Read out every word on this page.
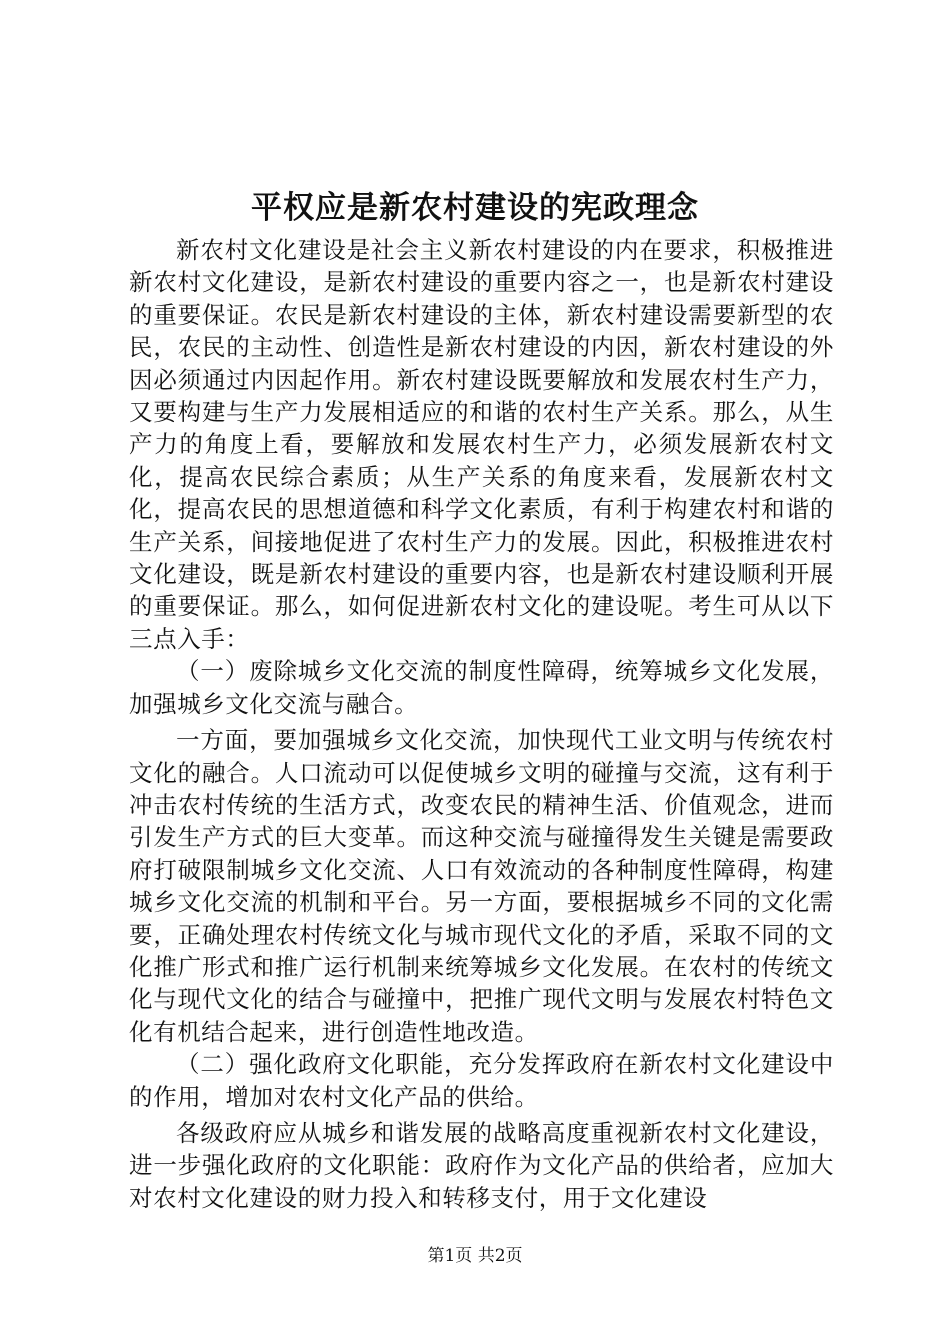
平权应是新农村建设的宪政理念

新农村文化建设是社会主义新农村建设的内在要求，积极推进新农村文化建设，是新农村建设的重要内容之一，也是新农村建设的重要保证。农民是新农村建设的主体，新农村建设需要新型的农民，农民的主动性、创造性是新农村建设的内因，新农村建设的外因必须通过内因起作用。新农村建设既要解放和发展农村生产力，又要构建与生产力发展相适应的和谐的农村生产关系。那么，从生产力的角度上看，要解放和发展农村生产力，必须发展新农村文化，提高农民综合素质；从生产关系的角度来看，发展新农村文化，提高农民的思想道德和科学文化素质，有利于构建农村和谐的生产关系，间接地促进了农村生产力的发展。因此，积极推进农村文化建设，既是新农村建设的重要内容，也是新农村建设顺利开展的重要保证。那么，如何促进新农村文化的建设呢。考生可从以下三点入手：

（一）废除城乡文化交流的制度性障碍，统筹城乡文化发展，加强城乡文化交流与融合。

一方面，要加强城乡文化交流，加快现代工业文明与传统农村文化的融合。人口流动可以促使城乡文明的碰撞与交流，这有利于冲击农村传统的生活方式，改变农民的精神生活、价值观念，进而引发生产方式的巨大变革。而这种交流与碰撞得发生关键是需要政府打破限制城乡文化交流、人口有效流动的各种制度性障碍，构建城乡文化交流的机制和平台。另一方面，要根据城乡不同的文化需要，正确处理农村传统文化与城市现代文化的矛盾，采取不同的文化推广形式和推广运行机制来统筹城乡文化发展。在农村的传统文化与现代文化的结合与碰撞中，把推广现代文明与发展农村特色文化有机结合起来，进行创造性地改造。

（二）强化政府文化职能，充分发挥政府在新农村文化建设中的作用，增加对农村文化产品的供给。

各级政府应从城乡和谐发展的战略高度重视新农村文化建设，进一步强化政府的文化职能：政府作为文化产品的供给者，应加大对农村文化建设的财力投入和转移支付，用于文化建设

第1页 共2页
